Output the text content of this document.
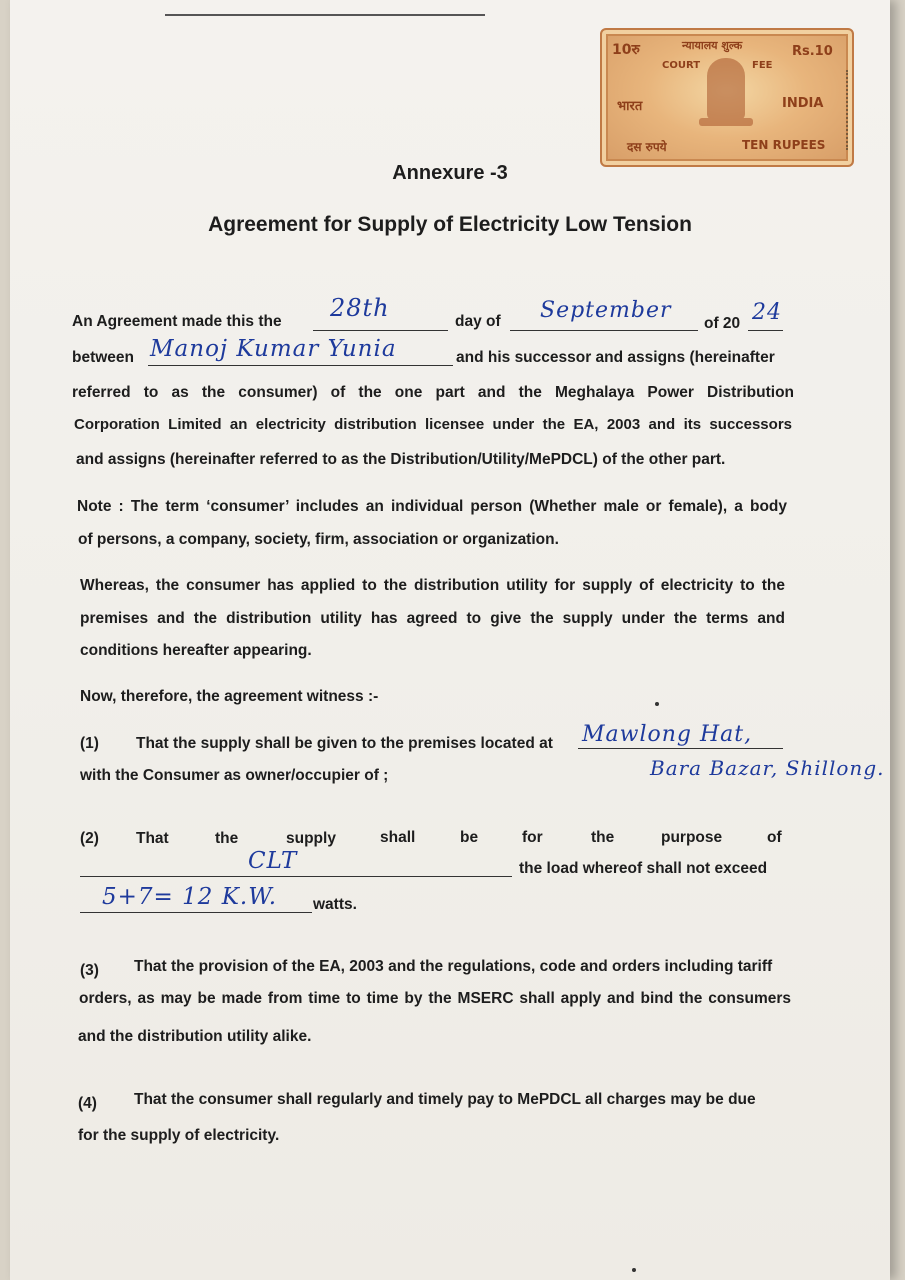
10रु	न्यायालय शुल्क	Rs.10
COURT	FEE
भारत	INDIA
दस रुपये	TEN RUPEES
Annexure -3
Agreement for Supply of Electricity Low Tension
An Agreement made this the 28th	day of September
of 20 24
between Manoj Kumar Yunia	and his successor and assigns (hereinafter
referred to as the consumer) of the one part and the Meghalaya Power Distribution
Corporation Limited an electricity distribution licensee under the EA, 2003 and its successors
and assigns (hereinafter referred to as the Distribution/Utility/MePDCL) of the other part.
Note : The term ‘consumer’ includes an individual person (Whether male or female), a body
of persons, a company, society, firm, association or organization.
Whereas, the consumer has applied to the distribution utility for supply of electricity to the
premises and the distribution utility has agreed to give the supply under the terms and
conditions hereafter appearing.
Now, therefore, the agreement witness :-
(1) That the supply shall be given to the premises located at Mawlong Hat,
Bara Bazar, Shillong.
with the Consumer as owner/occupier of ;
(2) That	the	supply	shall	be	for	the	purpose	of
CLT	the load whereof shall not exceed
5+7= 12 K.W. watts.
(3) That the provision of the EA, 2003 and the regulations, code and orders including tariff
orders, as may be made from time to time by the MSERC shall apply and bind the consumers
and the distribution utility alike.
(4) That the consumer shall regularly and timely pay to MePDCL all charges may be due
for the supply of electricity.
